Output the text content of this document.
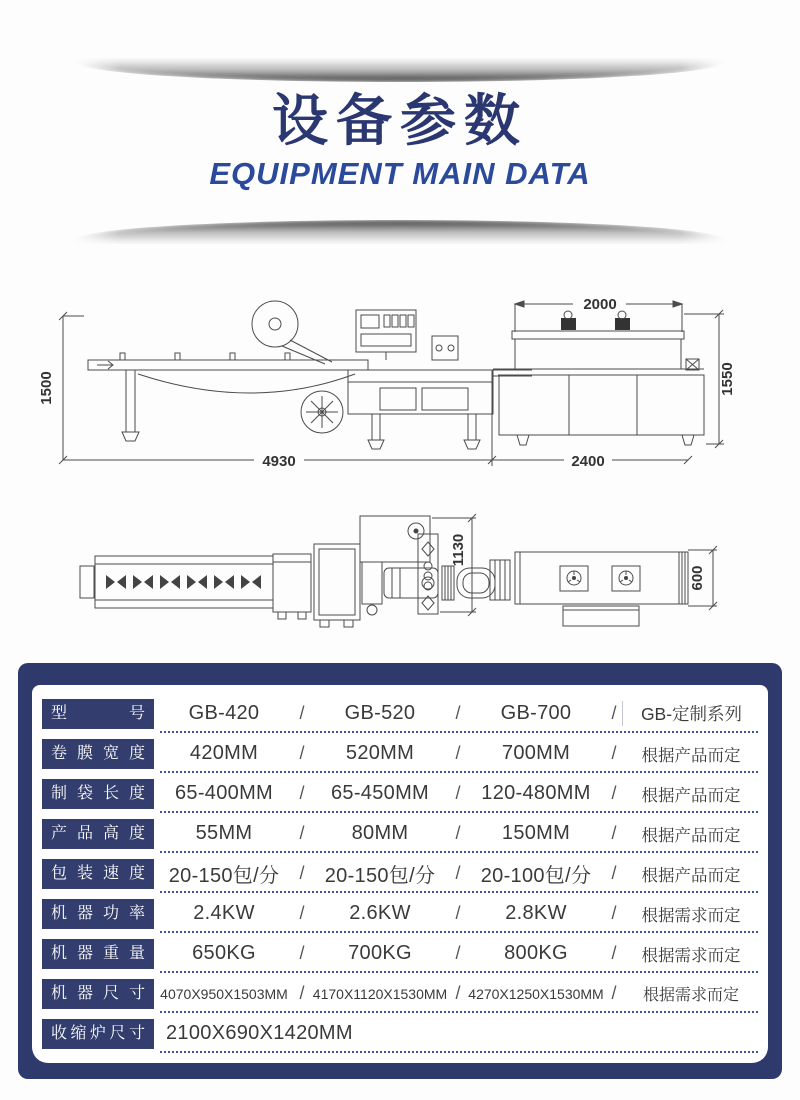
设备参数
EQUIPMENT MAIN DATA
1500
4930	2400
2000
1550
1130
600
型号	GB-420	/	GB-520	/	GB-700	/	GB-定制系列
卷膜宽度	420MM	/	520MM	/	700MM	/	根据产品而定
制袋长度	65-400MM	/	65-450MM	/	120-480MM	/	根据产品而定
产品高度	55MM	/	80MM	/	150MM	/	根据产品而定
包装速度	20-150包/分	/	20-150包/分	/	20-100包/分	/	根据产品而定
机器功率	2.4KW	/	2.6KW	/	2.8KW	/	根据需求而定
机器重量	650KG	/	700KG	/	800KG	/	根据需求而定
机器尺寸	4070X950X1503MM / 4170X1120X1530MM / 4270X1250X1530MM /	根据需求而定
收缩炉尺寸	2100X690X1420MM
